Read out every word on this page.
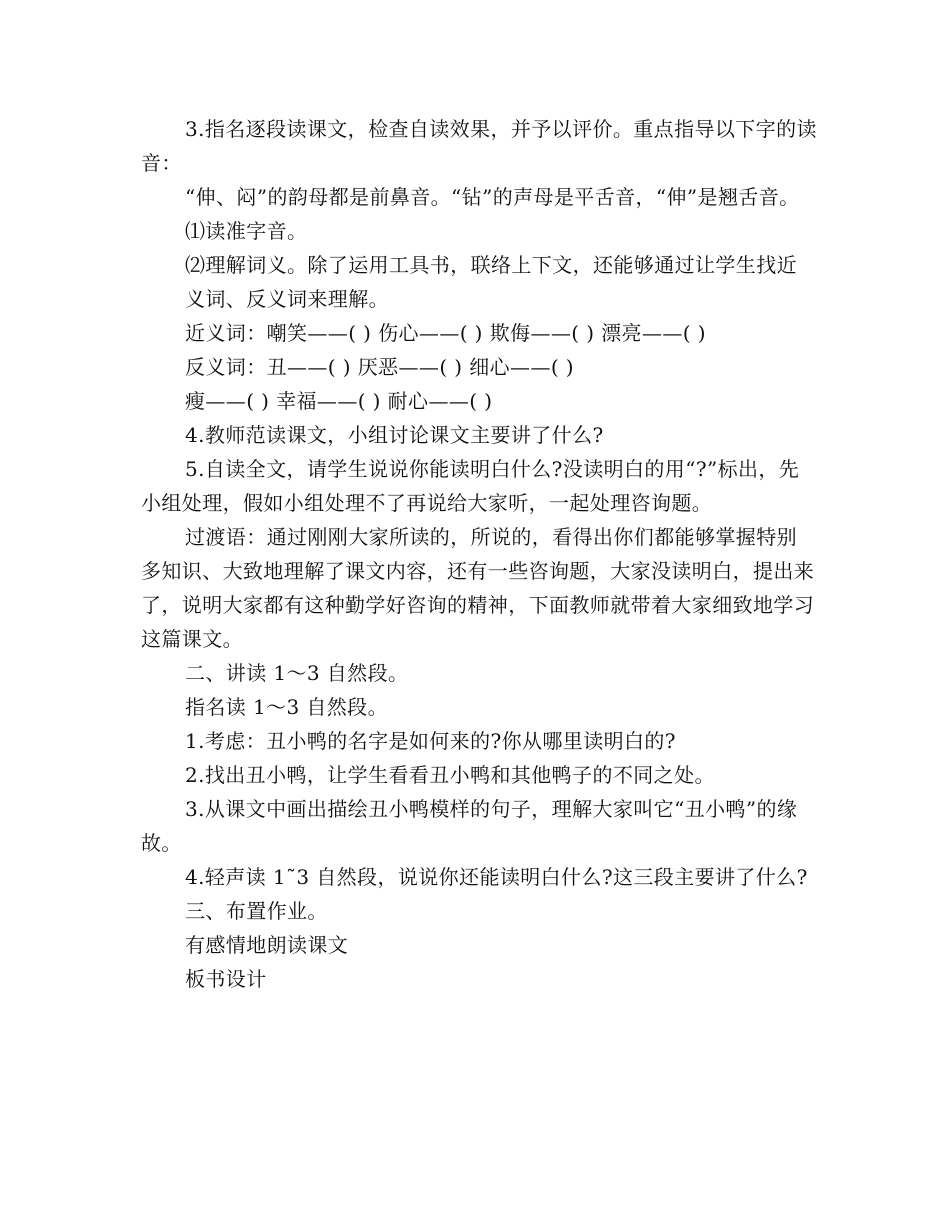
3.指名逐段读课文，检查自读效果，并予以评价。重点指导以下字的读音：

“伸、闷”的韵母都是前鼻音。“钻”的声母是平舌音，“伸”是翘舌音。

⑴读准字音。

⑵理解词义。除了运用工具书，联络上下文，还能够通过让学生找近义词、反义词来理解。

近义词：嘲笑——( ) 伤心——( ) 欺侮——( ) 漂亮——( )

反义词：丑——( ) 厌恶——( ) 细心——( )

瘦——( ) 幸福——( ) 耐心——( )

4.教师范读课文，小组讨论课文主要讲了什么?

5.自读全文，请学生说说你能读明白什么?没读明白的用“?”标出，先小组处理，假如小组处理不了再说给大家听，一起处理咨询题。

过渡语：通过刚刚大家所读的，所说的，看得出你们都能够掌握特别多知识、大致地理解了课文内容，还有一些咨询题，大家没读明白，提出来了，说明大家都有这种勤学好咨询的精神，下面教师就带着大家细致地学习这篇课文。

二、讲读 1～3 自然段。

指名读 1～3 自然段。

1.考虑：丑小鸭的名字是如何来的?你从哪里读明白的?

2.找出丑小鸭，让学生看看丑小鸭和其他鸭子的不同之处。

3.从课文中画出描绘丑小鸭模样的句子，理解大家叫它“丑小鸭”的缘故。

4.轻声读 1˜3 自然段，说说你还能读明白什么?这三段主要讲了什么?

三、布置作业。

有感情地朗读课文

板书设计
